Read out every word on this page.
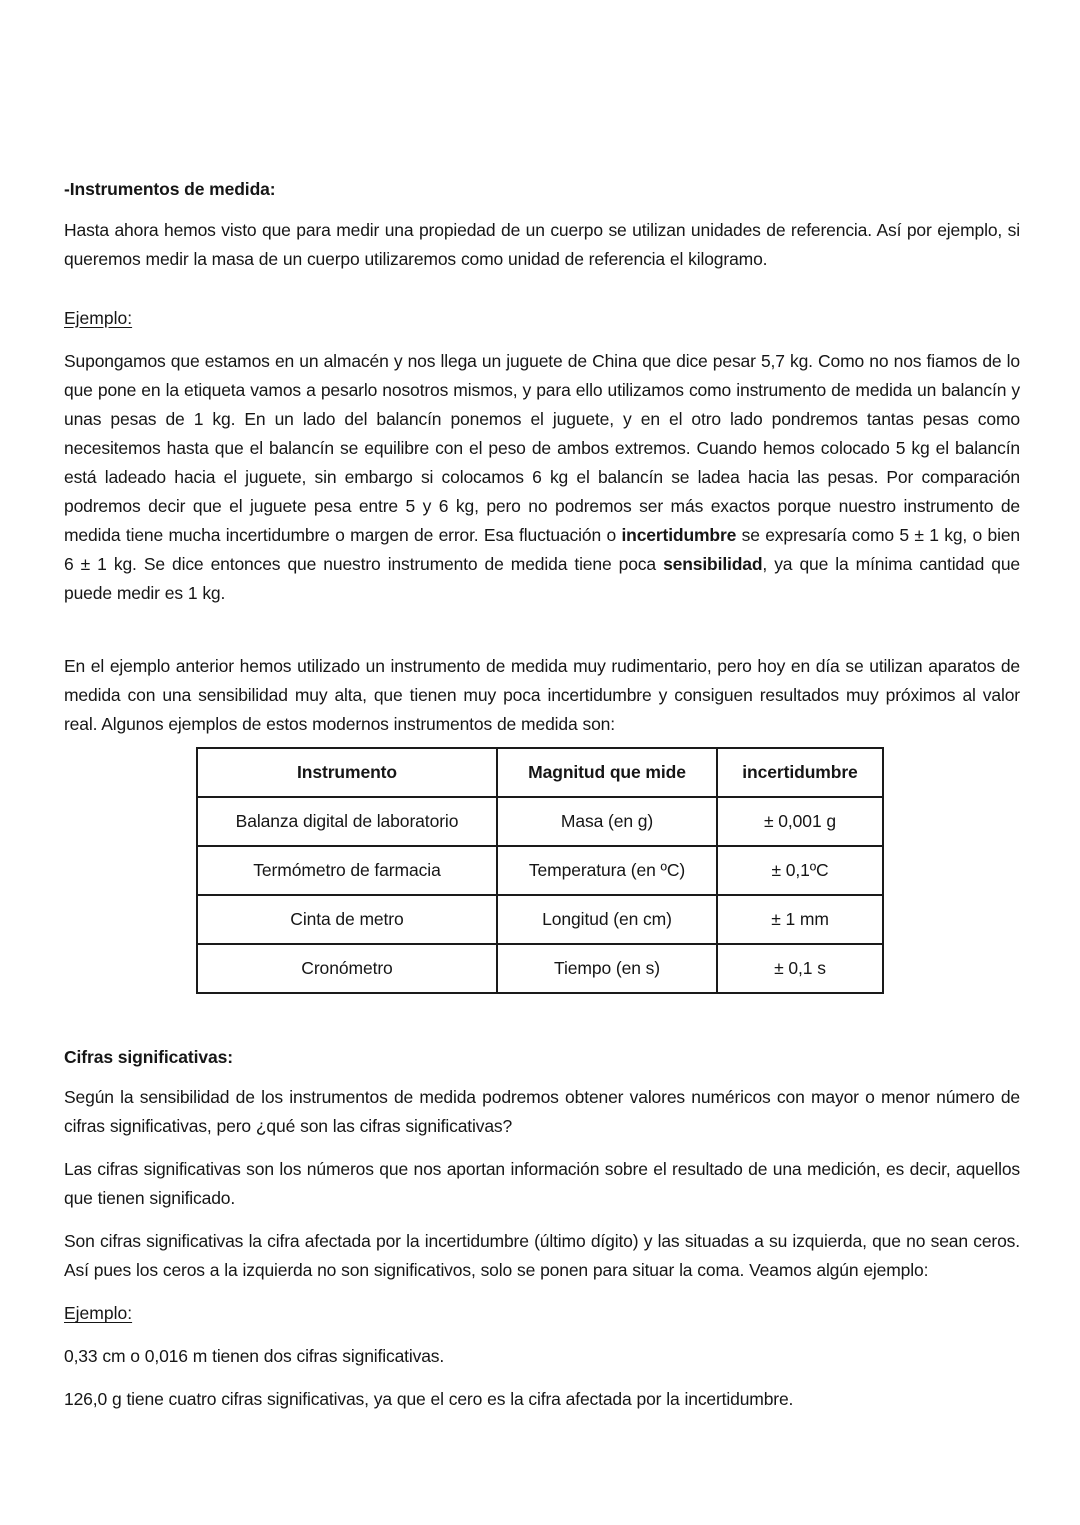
-Instrumentos de medida:

Hasta ahora hemos visto que para medir una propiedad de un cuerpo se utilizan unidades de referencia. Así por ejemplo, si queremos medir la masa de un cuerpo utilizaremos como unidad de referencia el kilogramo.

Ejemplo:

Supongamos que estamos en un almacén y nos llega un juguete de China que dice pesar 5,7 kg. Como no nos fiamos de lo que pone en la etiqueta vamos a pesarlo nosotros mismos, y para ello utilizamos como instrumento de medida un balancín y unas pesas de 1 kg. En un lado del balancín ponemos el juguete, y en el otro lado pondremos tantas pesas como necesitemos hasta que el balancín se equilibre con el peso de ambos extremos. Cuando hemos colocado 5 kg el balancín está ladeado hacia el juguete, sin embargo si colocamos 6 kg el balancín se ladea hacia las pesas. Por comparación podremos decir que el juguete pesa entre 5 y 6 kg, pero no podremos ser más exactos porque nuestro instrumento de medida tiene mucha incertidumbre o margen de error. Esa fluctuación o incertidumbre se expresaría como 5 ± 1 kg, o bien 6 ± 1 kg. Se dice entonces que nuestro instrumento de medida tiene poca sensibilidad, ya que la mínima cantidad que puede medir es 1 kg.

En el ejemplo anterior hemos utilizado un instrumento de medida muy rudimentario, pero hoy en día se utilizan aparatos de medida con una sensibilidad muy alta, que tienen muy poca incertidumbre y consiguen resultados muy próximos al valor real. Algunos ejemplos de estos modernos instrumentos de medida son:

Instrumento	Magnitud que mide	incertidumbre
Balanza digital de laboratorio	Masa (en g)	± 0,001 g
Termómetro de farmacia	Temperatura (en ºC)	± 0,1ºC
Cinta de metro	Longitud (en cm)	± 1 mm
Cronómetro	Tiempo (en s)	± 0,1 s
Cifras significativas:

Según la sensibilidad de los instrumentos de medida podremos obtener valores numéricos con mayor o menor número de cifras significativas, pero ¿qué son las cifras significativas?

Las cifras significativas son los números que nos aportan información sobre el resultado de una medición, es decir, aquellos que tienen significado.

Son cifras significativas la cifra afectada por la incertidumbre (último dígito) y las situadas a su izquierda, que no sean ceros. Así pues los ceros a la izquierda no son significativos, solo se ponen para situar la coma. Veamos algún ejemplo:

Ejemplo:

0,33 cm o 0,016 m tienen dos cifras significativas.

126,0 g tiene cuatro cifras significativas, ya que el cero es la cifra afectada por la incertidumbre.
